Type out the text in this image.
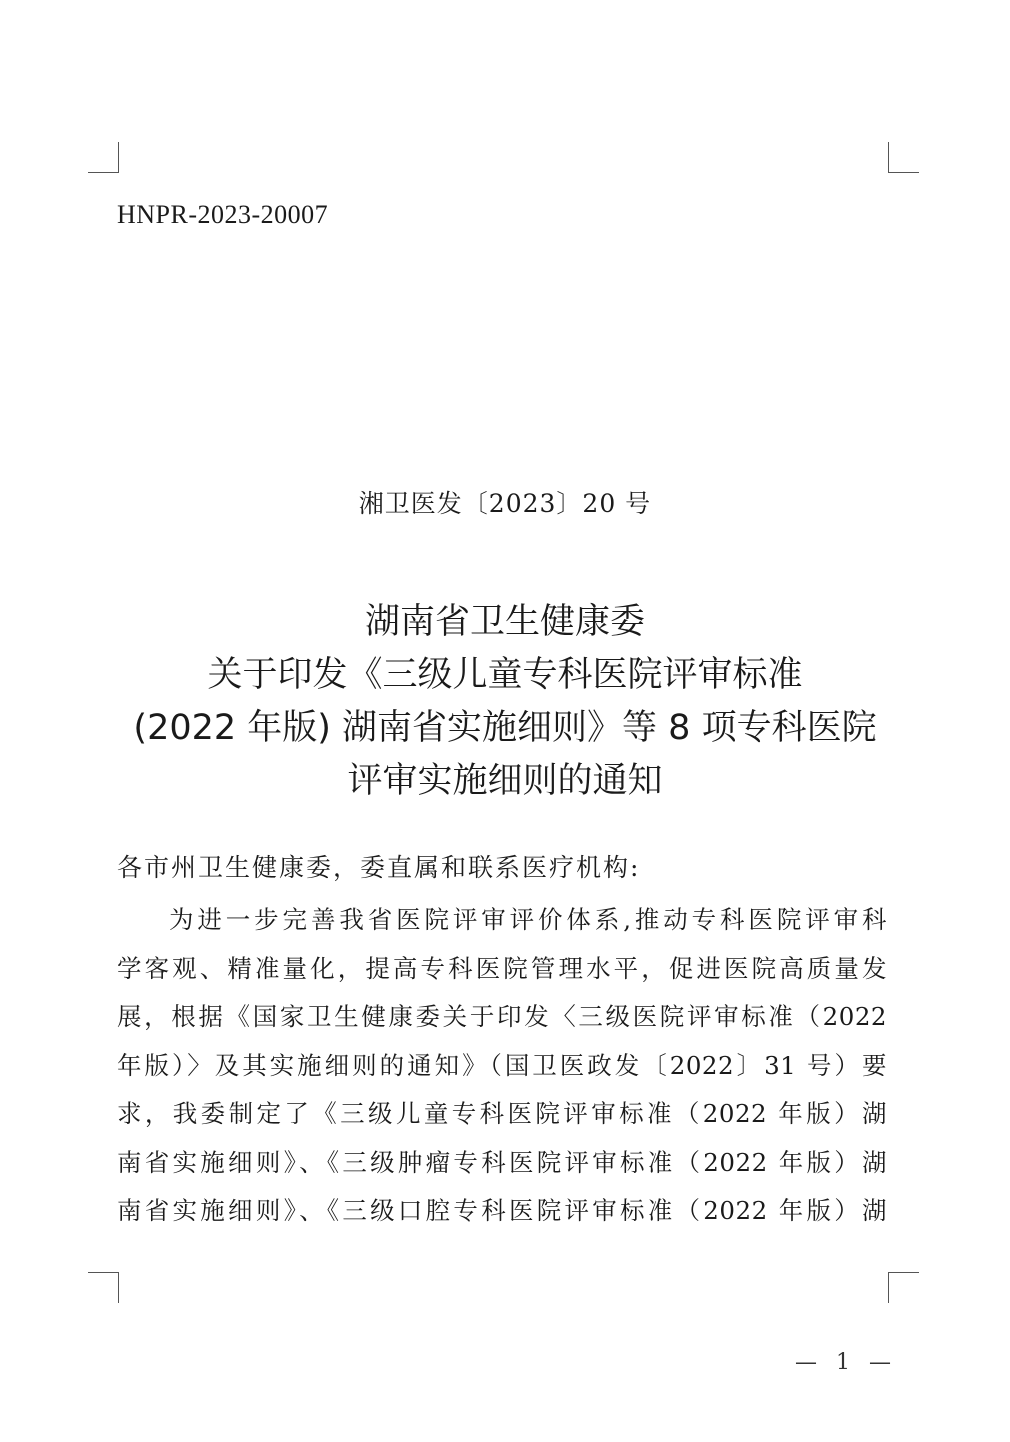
HNPR-2023-20007
湘卫医发〔2023〕20 号
湖南省卫生健康委
关于印发《三级儿童专科医院评审标准
(2022 年版) 湖南省实施细则》等 8 项专科医院
评审实施细则的通知
各市州卫生健康委，委直属和联系医疗机构:
为进一步完善我省医院评审评价体系,推动专科医院评审科
学客观、精准量化，提高专科医院管理水平，促进医院高质量发
展，根据《国家卫生健康委关于印发〈三级医院评审标准（2022
年版）〉及其实施细则的通知》（国卫医政发〔2022〕31 号）要
求，我委制定了《三级儿童专科医院评审标准（2022 年版）湖
南省实施细则》、《三级肿瘤专科医院评审标准（2022 年版）湖
南省实施细则》、《三级口腔专科医院评审标准（2022 年版）湖
— 1 —
